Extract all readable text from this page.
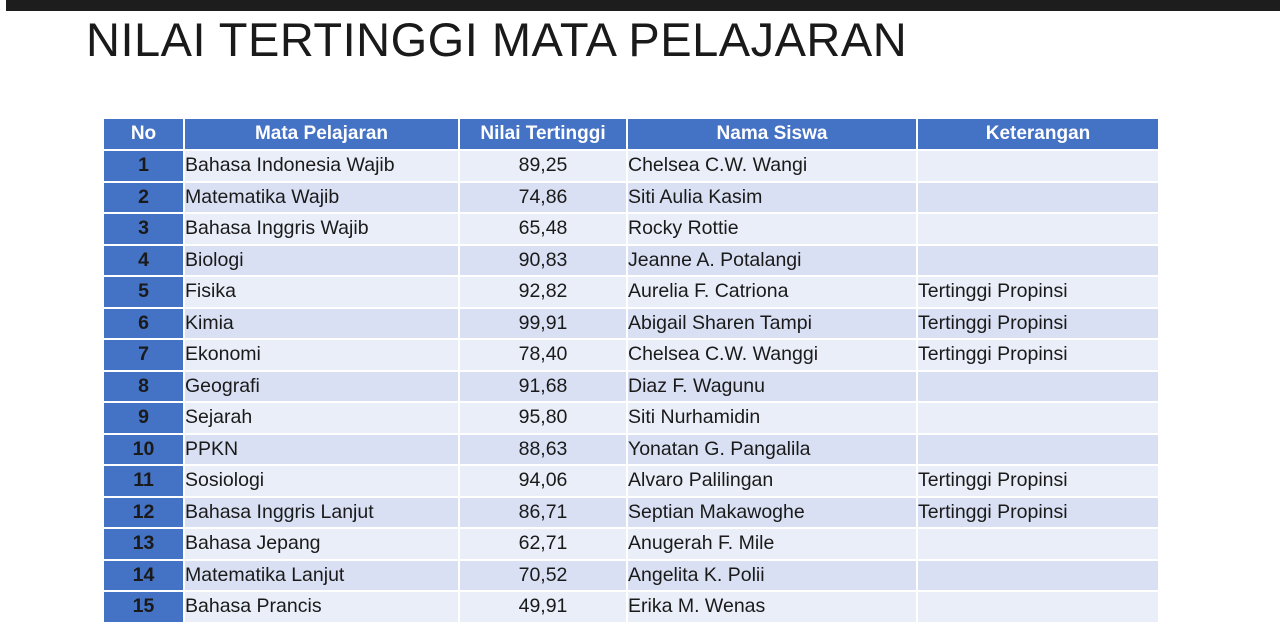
NILAI TERTINGGI MATA PELAJARAN
No	Mata Pelajaran	Nilai Tertinggi	Nama Siswa	Keterangan
1	Bahasa Indonesia Wajib	89,25	Chelsea C.W. Wangi	
2	Matematika Wajib	74,86	Siti Aulia Kasim	
3	Bahasa Inggris Wajib	65,48	Rocky Rottie	
4	Biologi	90,83	Jeanne A. Potalangi	
5	Fisika	92,82	Aurelia F. Catriona	Tertinggi Propinsi
6	Kimia	99,91	Abigail Sharen Tampi	Tertinggi Propinsi
7	Ekonomi	78,40	Chelsea C.W. Wanggi	Tertinggi Propinsi
8	Geografi	91,68	Diaz F. Wagunu	
9	Sejarah	95,80	Siti Nurhamidin	
10	PPKN	88,63	Yonatan G. Pangalila	
11	Sosiologi	94,06	Alvaro Palilingan	Tertinggi Propinsi
12	Bahasa Inggris Lanjut	86,71	Septian Makawoghe	Tertinggi Propinsi
13	Bahasa Jepang	62,71	Anugerah F. Mile	
14	Matematika Lanjut	70,52	Angelita K. Polii	
15	Bahasa Prancis	49,91	Erika M. Wenas	
